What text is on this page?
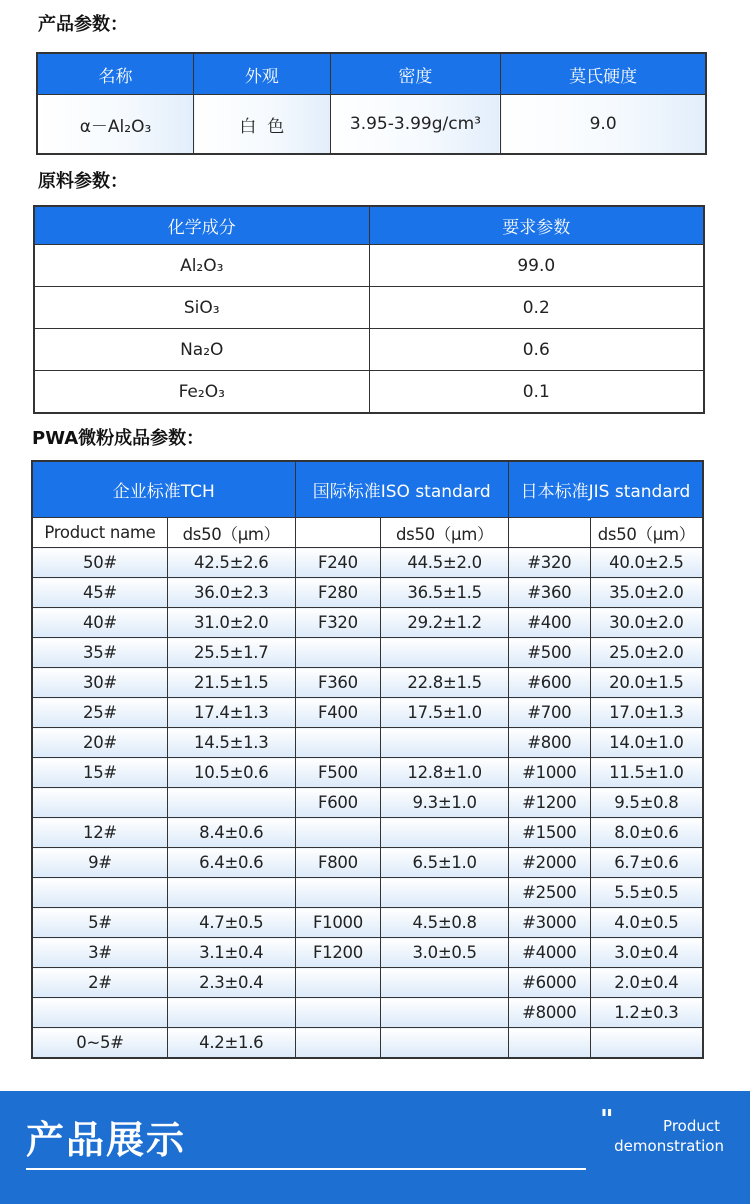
产品参数：
名称	外观	密度	莫氏硬度
α－Al₂O₃	白  色	3.95-3.99g/cm³	9.0
原料参数：
化学成分	要求参数
Al₂O₃	99.0
SiO₃	0.2
Na₂O	0.6
Fe₂O₃	0.1
PWA微粉成品参数：
企业标准TCH		国际标准ISO standard		日本标准JIS standard	
Product name	ds50（μm）		ds50（μm）		ds50（μm）
50#	42.5±2.6	F240	44.5±2.0	#320	40.0±2.5
45#	36.0±2.3	F280	36.5±1.5	#360	35.0±2.0
40#	31.0±2.0	F320	29.2±1.2	#400	30.0±2.0
35#	25.5±1.7			#500	25.0±2.0
30#	21.5±1.5	F360	22.8±1.5	#600	20.0±1.5
25#	17.4±1.3	F400	17.5±1.0	#700	17.0±1.3
20#	14.5±1.3			#800	14.0±1.0
15#	10.5±0.6	F500	12.8±1.0	#1000	11.5±1.0
		F600	9.3±1.0	#1200	9.5±0.8
12#	8.4±0.6			#1500	8.0±0.6
9#	6.4±0.6	F800	6.5±1.0	#2000	6.7±0.6
				#2500	5.5±0.5
5#	4.7±0.5	F1000	4.5±0.8	#3000	4.0±0.5
3#	3.1±0.4	F1200	3.0±0.5	#4000	3.0±0.4
2#	2.3±0.4			#6000	2.0±0.4
				#8000	1.2±0.3
0~5#	4.2±1.6				
产品展示	"	Product
demonstration
